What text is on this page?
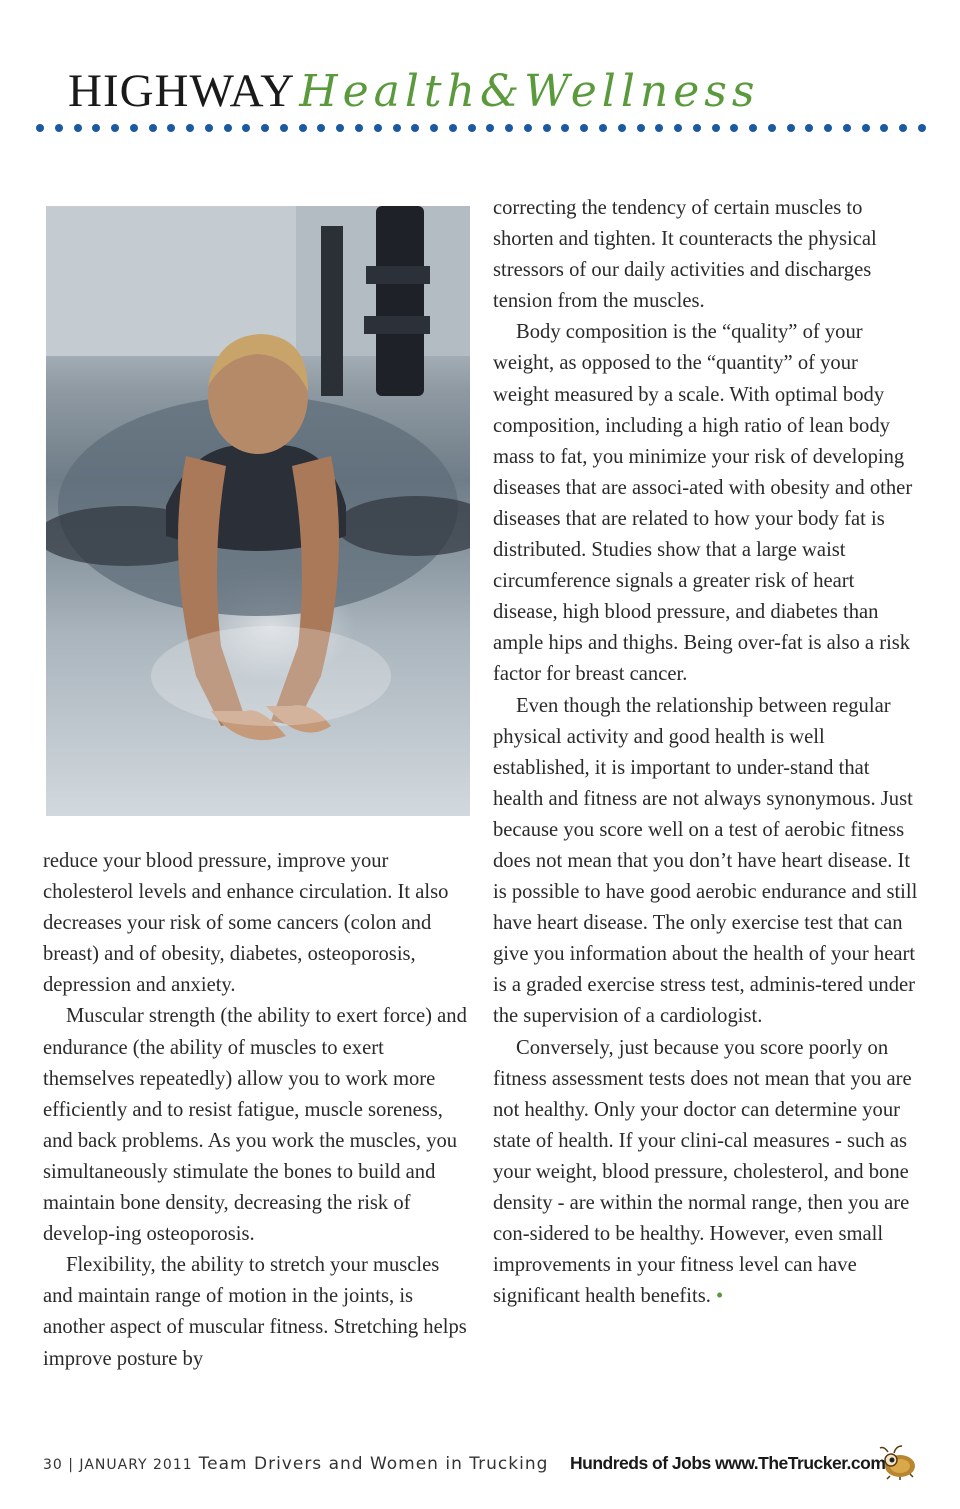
HIGHWAYHealth&Wellness

reduce your blood pressure, improve your cholesterol levels and enhance circulation. It also decreases your risk of some cancers (colon and breast) and of obesity, diabetes, osteoporosis, depression and anxiety.

Muscular strength (the ability to exert force) and endurance (the ability of muscles to exert themselves repeatedly) allow you to work more efficiently and to resist fatigue, muscle soreness, and back problems. As you work the muscles, you simultaneously stimulate the bones to build and maintain bone density, decreasing the risk of develop-ing osteoporosis.

Flexibility, the ability to stretch your muscles and maintain range of motion in the joints, is another aspect of muscular fitness. Stretching helps improve posture by

correcting the tendency of certain muscles to shorten and tighten. It counteracts the physical stressors of our daily activities and discharges tension from the muscles.

Body composition is the “quality” of your weight, as opposed to the “quantity” of your weight measured by a scale. With optimal body composition, including a high ratio of lean body mass to fat, you minimize your risk of developing diseases that are associ-ated with obesity and other diseases that are related to how your body fat is distributed. Studies show that a large waist circumference signals a greater risk of heart disease, high blood pressure, and diabetes than ample hips and thighs. Being over-fat is also a risk factor for breast cancer.

Even though the relationship between regular physical activity and good health is well established, it is important to under-stand that health and fitness are not always synonymous. Just because you score well on a test of aerobic fitness does not mean that you don’t have heart disease. It is possible to have good aerobic endurance and still have heart disease. The only exercise test that can give you information about the health of your heart is a graded exercise stress test, adminis-tered under the supervision of a cardiologist.

Conversely, just because you score poorly on fitness assessment tests does not mean that you are not healthy. Only your doctor can determine your state of health. If your clini-cal measures - such as your weight, blood pressure, cholesterol, and bone density - are within the normal range, then you are con-sidered to be healthy. However, even small improvements in your fitness level can have significant health benefits. •

30 | JANUARY 2011 Team Drivers and Women in Trucking Hundreds of Jobs www.TheTrucker.com
